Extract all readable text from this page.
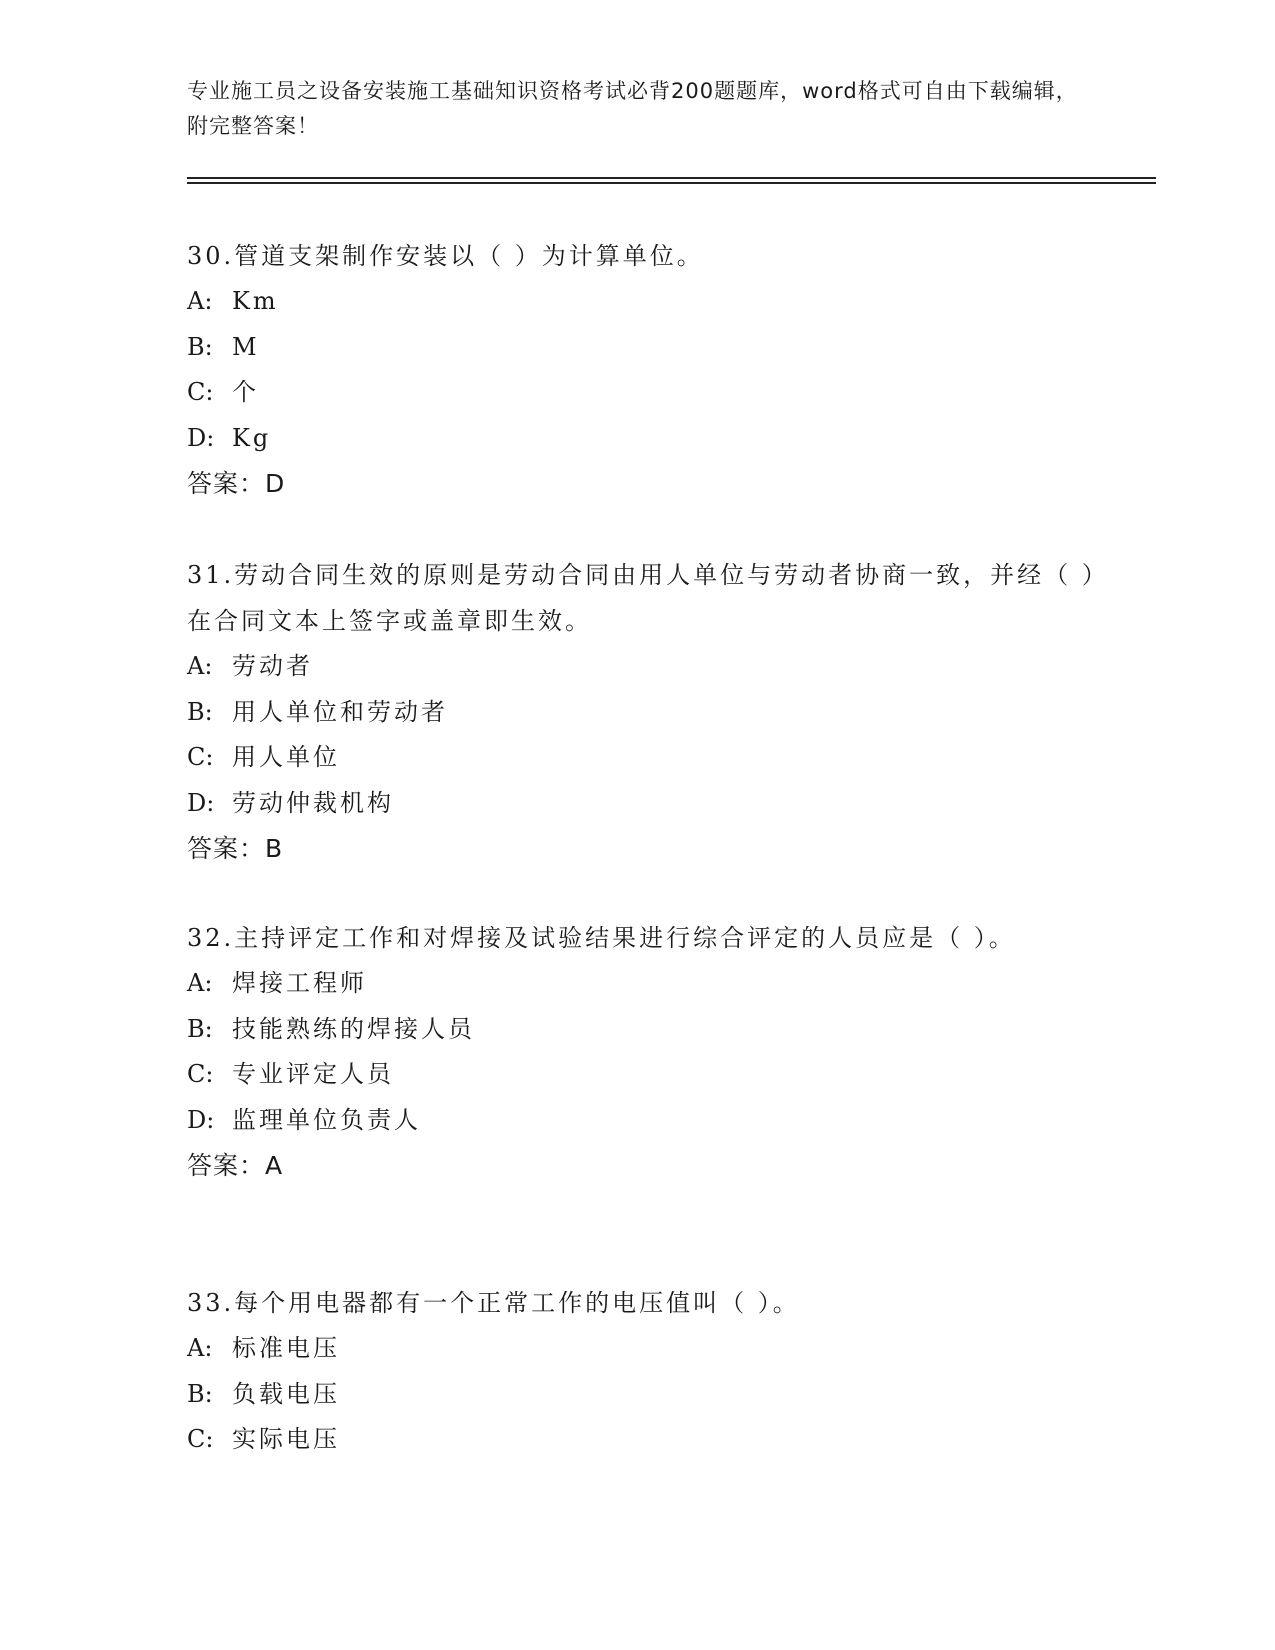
专业施工员之设备安装施工基础知识资格考试必背200题题库，word格式可自由下载编辑，附完整答案！
30.管道支架制作安装以（ ）为计算单位。
A: Km
B: M
C: 个
D: Kg
答案：D
31.劳动合同生效的原则是劳动合同由用人单位与劳动者协商一致，并经（ ）在合同文本上签字或盖章即生效。
A: 劳动者
B: 用人单位和劳动者
C: 用人单位
D: 劳动仲裁机构
答案：B
32.主持评定工作和对焊接及试验结果进行综合评定的人员应是（ ）。
A: 焊接工程师
B: 技能熟练的焊接人员
C: 专业评定人员
D: 监理单位负责人
答案：A
33.每个用电器都有一个正常工作的电压值叫（ ）。
A: 标准电压
B: 负载电压
C: 实际电压
